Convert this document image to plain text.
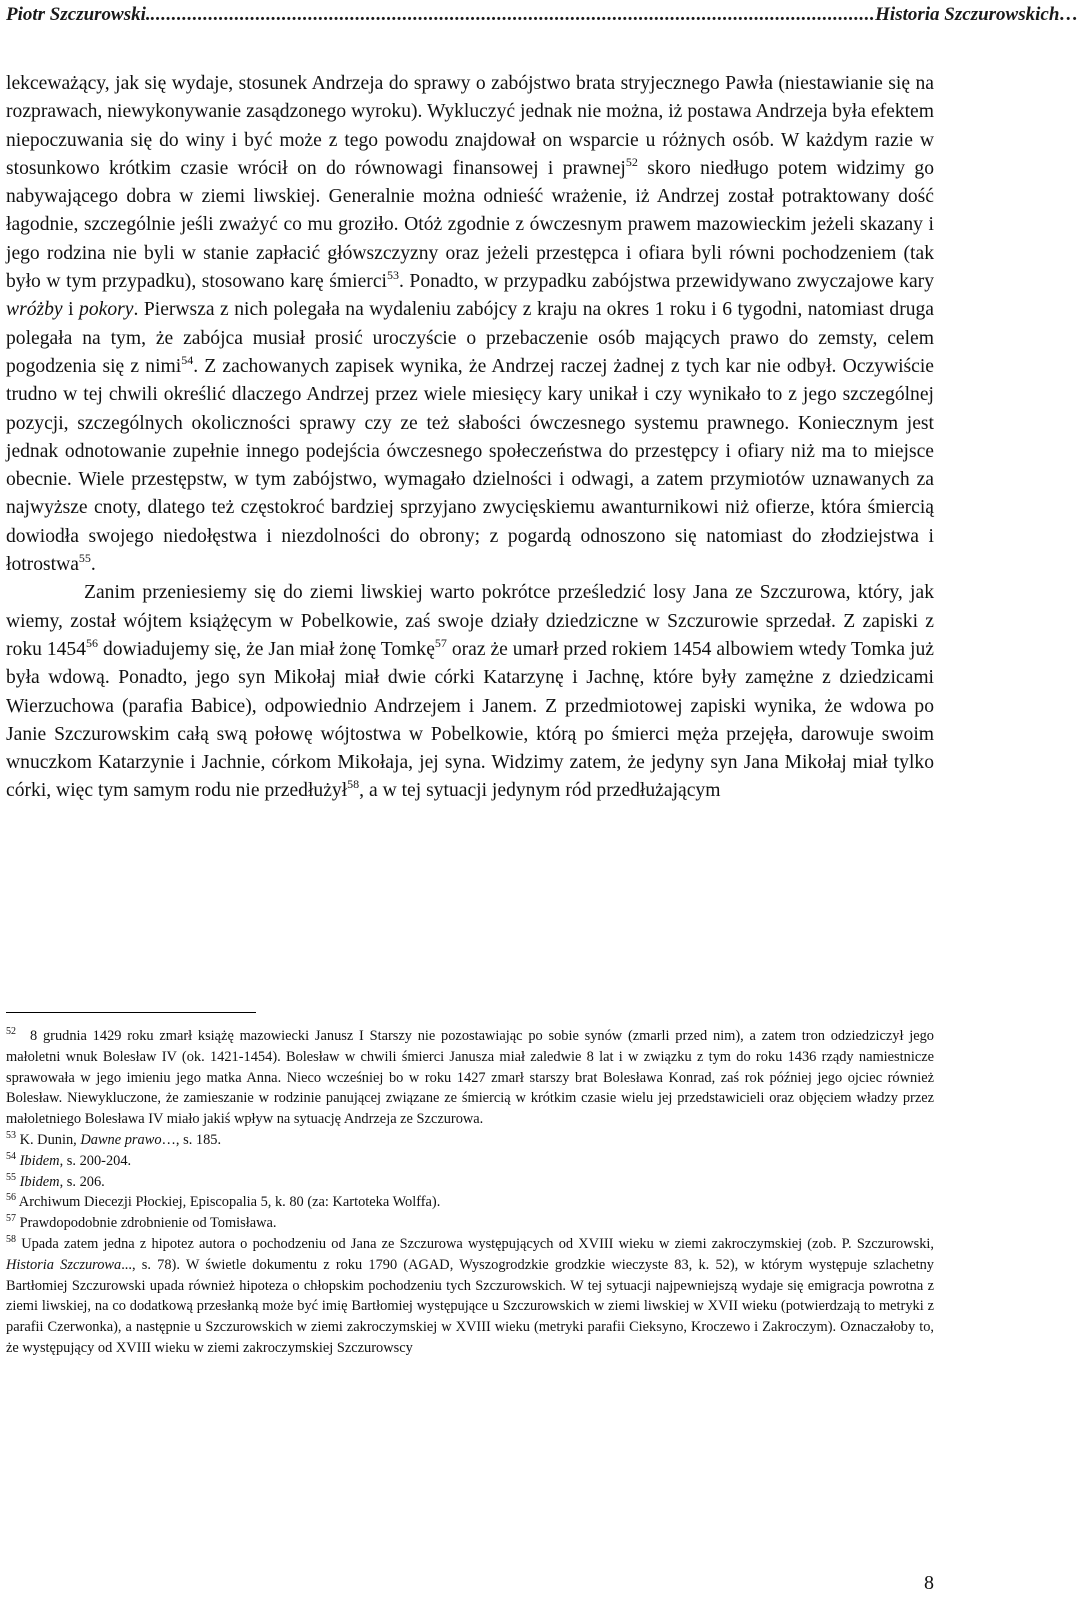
Piotr Szczurowski. .......................................................................................................................................... Historia Szczurowskich…

lekceważący, jak się wydaje, stosunek Andrzeja do sprawy o zabójstwo brata stryjecznego Pawła (niestawianie się na rozprawach, niewykonywanie zasądzonego wyroku). Wykluczyć jednak nie można, iż postawa Andrzeja była efektem niepoczuwania się do winy i być może z tego powodu znajdował on wsparcie u różnych osób. W każdym razie w stosunkowo krótkim czasie wrócił on do równowagi finansowej i prawnej$^{52}$ skoro niedługo potem widzimy go nabywającego dobra w ziemi liwskiej. Generalnie można odnieść wrażenie, iż Andrzej został potraktowany dość łagodnie, szczególnie jeśli zważyć co mu groziło. Otóż zgodnie z ówczesnym prawem mazowieckim jeżeli skazany i jego rodzina nie byli w stanie zapłacić główszczyzny oraz jeżeli przestępca i ofiara byli równi pochodzeniem (tak było w tym przypadku), stosowano karę śmierci$^{53}$. Ponadto, w przypadku zabójstwa przewidywano zwyczajowe kary wróżby i pokory. Pierwsza z nich polegała na wydaleniu zabójcy z kraju na okres 1 roku i 6 tygodni, natomiast druga polegała na tym, że zabójca musiał prosić uroczyście o przebaczenie osób mających prawo do zemsty, celem pogodzenia się z nimi$^{54}$. Z zachowanych zapisek wynika, że Andrzej raczej żadnej z tych kar nie odbył. Oczywiście trudno w tej chwili określić dlaczego Andrzej przez wiele miesięcy kary unikał i czy wynikało to z jego szczególnej pozycji, szczególnych okoliczności sprawy czy ze też słabości ówczesnego systemu prawnego. Koniecznym jest jednak odnotowanie zupełnie innego podejścia ówczesnego społeczeństwa do przestępcy i ofiary niż ma to miejsce obecnie. Wiele przestępstw, w tym zabójstwo, wymagało dzielności i odwagi, a zatem przymiotów uznawanych za najwyższe cnoty, dlatego też częstokroć bardziej sprzyjano zwycięskiemu awanturnikowi niż ofierze, która śmiercią dowiodła swojego niedołęstwa i niezdolności do obrony; z pogardą odnoszono się natomiast do złodziejstwa i łotrostwa$^{55}$.

Zanim przeniesiemy się do ziemi liwskiej warto pokrótce prześledzić losy Jana ze Szczurowa, który, jak wiemy, został wójtem książęcym w Pobelkowie, zaś swoje działy dziedziczne w Szczurowie sprzedał. Z zapiski z roku 1454$^{56}$ dowiadujemy się, że Jan miał żonę Tomkę$^{57}$ oraz że umarł przed rokiem 1454 albowiem wtedy Tomka już była wdową. Ponadto, jego syn Mikołaj miał dwie córki Katarzynę i Jachnę, które były zamężne z dziedzicami Wierzuchowa (parafia Babice), odpowiednio Andrzejem i Janem. Z przedmiotowej zapiski wynika, że wdowa po Janie Szczurowskim całą swą połowę wójtostwa w Pobelkowie, którą po śmierci męża przejęła, darowuje swoim wnuczkom Katarzynie i Jachnie, córkom Mikołaja, jej syna. Widzimy zatem, że jedyny syn Jana Mikołaj miał tylko córki, więc tym samym rodu nie przedłużył$^{58}$, a w tej sytuacji jedynym ród przedłużającym

$^{52}$ 8 grudnia 1429 roku zmarł książę mazowiecki Janusz I Starszy nie pozostawiając po sobie synów (zmarli przed nim), a zatem tron odziedziczył jego małoletni wnuk Bolesław IV (ok. 1421-1454). Bolesław w chwili śmierci Janusza miał zaledwie 8 lat i w związku z tym do roku 1436 rządy namiestnicze sprawowała w jego imieniu jego matka Anna. Nieco wcześniej bo w roku 1427 zmarł starszy brat Bolesława Konrad, zaś rok później jego ojciec również Bolesław. Niewykluczone, że zamieszanie w rodzinie panującej związane ze śmiercią w krótkim czasie wielu jej przedstawicieli oraz objęciem władzy przez małoletniego Bolesława IV miało jakiś wpływ na sytuację Andrzeja ze Szczurowa.

$^{53}$ K. Dunin, Dawne prawo…, s. 185.

$^{54}$ Ibidem, s. 200-204.

$^{55}$ Ibidem, s. 206.

$^{56}$ Archiwum Diecezji Płockiej, Episcopalia 5, k. 80 (za: Kartoteka Wolffa).

$^{57}$ Prawdopodobnie zdrobnienie od Tomisława.

$^{58}$ Upada zatem jedna z hipotez autora o pochodzeniu od Jana ze Szczurowa występujących od XVIII wieku w ziemi zakroczymskiej (zob. P. Szczurowski, Historia Szczurowa..., s. 78). W świetle dokumentu z roku 1790 (AGAD, Wyszogrodzkie grodzkie wieczyste 83, k. 52), w którym występuje szlachetny Bartłomiej Szczurowski upada również hipoteza o chłopskim pochodzeniu tych Szczurowskich. W tej sytuacji najpewniejszą wydaje się emigracja powrotna z ziemi liwskiej, na co dodatkową przesłanką może być imię Bartłomiej występujące u Szczurowskich w ziemi liwskiej w XVII wieku (potwierdzają to metryki z parafii Czerwonka), a następnie u Szczurowskich w ziemi zakroczymskiej w XVIII wieku (metryki parafii Cieksyno, Kroczewo i Zakroczym). Oznaczałoby to, że występujący od XVIII wieku w ziemi zakroczymskiej Szczurowscy

8
